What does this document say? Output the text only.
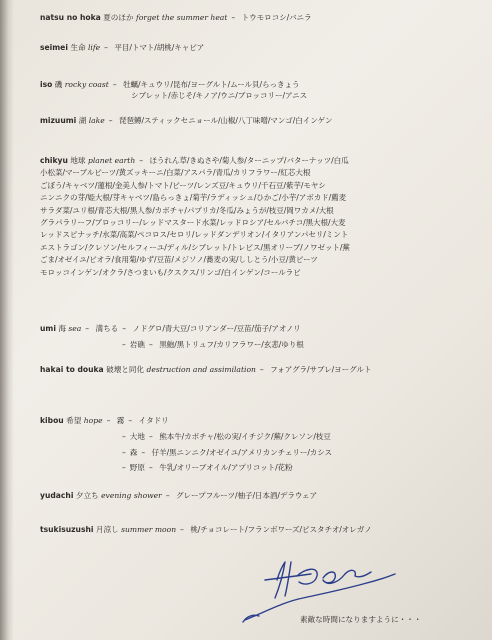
natsu no hoka 夏のほか forget the summer heat – トウモロコシ/バニラ
seimei 生命 life – 平目/トマト/胡桃/キャビア
iso 磯 rocky coast – 牡蠣/キュウリ/昆布/ヨーグルト/ムール貝/らっきょう
シブレット/赤じそ/キノア/ウニ/ブロッコリー/アニス
mizuumi 湖 lake – 琵琶鱒/スティックセニョール/山椒/八丁味噌/マンゴ/白インゲン
chikyu 地球 planet earth – ほうれん草/きぬさや/菊人参/ターニップ/バターナッツ/白瓜
小松菜/マーブルビーツ/黄ズッキーニ/白菜/アスパラ/青瓜/カリフラワー/紅芯大根
ごぼう/キャベツ/蓮根/金美人参/トマト/ビーツ/レンズ豆/キュウリ/千石豆/紫芋/モヤシ
ニンニクの芽/姫大根/芽キャベツ/島らっきょ/菊芋/ラディッシュ/ひかご/小芋/アボカド/薦麦
サラダ菜/ユリ根/青芯大根/黒人参/カボチャ/パプリカ/冬瓜/みょうが/枝豆/岡ワカメ/大根
グラパラリーフ/ブロッコリー/レッドマスタード水菜/レッドロシア/セルバチコ/黒大根/大麦
レッドスピナッチ/水菜/高菜/ペコロス/セロリ/レッドダンデリオン/イタリアンパセリ/ミント
エストラゴン/クレソン/セルフィーユ/ディル/シブレット/トレビス/黒オリーブ/ノワゼット/蕪
ごま/オゼイユ/ビオラ/食用菊/ゆず/豆苗/メジソノ/蕎麦の実/ししとう/小豆/黄ビーツ
モロッコインゲン/オクラ/さつまいも/クスクス/リンゴ/白インゲン/コールラビ
umi 海 sea – 満ちる – ノドグロ/青大豆/コリアンダー/豆苗/茄子/アオノリ
– 岩礁 – 黒鮑/黒トリュフ/カリフラワー/玄悲/ゆり根
hakai to douka 破壊と同化 destruction and assimilation – フォアグラ/サブレ/ヨーグルト
kibou 希望 hope – 霧 – イタドリ
– 大地 – 熊本牛/カボチャ/松の実/イチジク/蕪/クレソン/枝豆
– 森 – 仔羊/黒ニンニク/オゼイユ/アメリカンチェリー/カシス
– 野原 – 牛乳/オリーブオイル/アプリコット/花粉
yudachi 夕立ち evening shower – グレープフルーツ/柚子/日本酒/デラウェア
tsukisuzushi 月涼し summer moon – 桃/チョコレート/フランボワーズ/ピスタチオ/オレガノ
素敵な時間になりますように・・・
